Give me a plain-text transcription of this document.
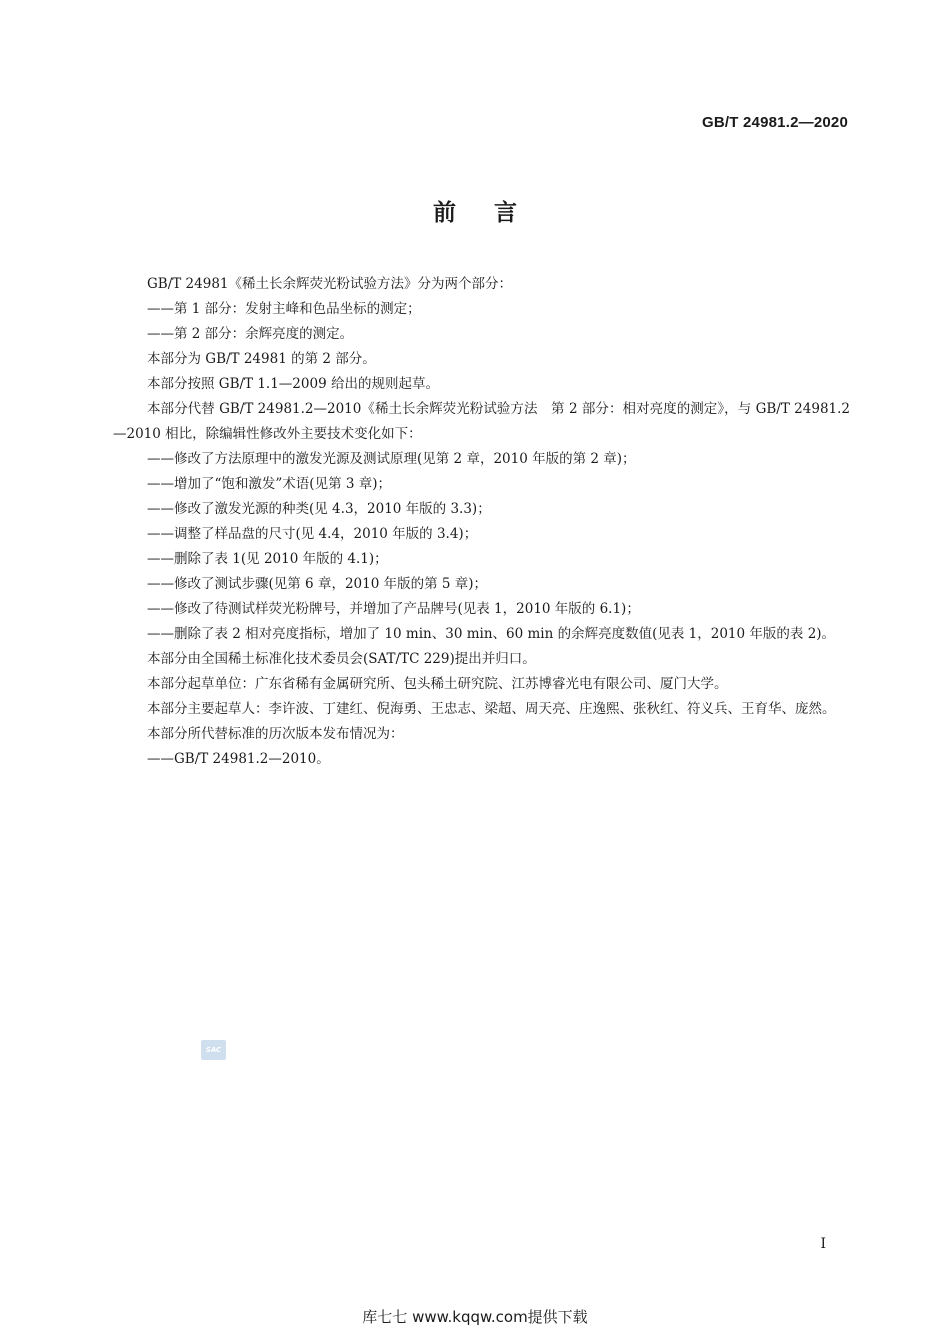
GB/T 24981.2—2020
前言

GB/T 24981《稀土长余辉荧光粉试验方法》分为两个部分：

——第 1 部分：发射主峰和色品坐标的测定；

——第 2 部分：余辉亮度的测定。

本部分为 GB/T 24981 的第 2 部分。

本部分按照 GB/T 1.1—2009 给出的规则起草。

本部分代替 GB/T 24981.2—2010《稀土长余辉荧光粉试验方法　第 2 部分：相对亮度的测定》，与 GB/T 24981.2—2010 相比，除编辑性修改外主要技术变化如下：

——修改了方法原理中的激发光源及测试原理(见第 2 章，2010 年版的第 2 章)；

——增加了“饱和激发”术语(见第 3 章)；

——修改了激发光源的种类(见 4.3，2010 年版的 3.3)；

——调整了样品盘的尺寸(见 4.4，2010 年版的 3.4)；

——删除了表 1(见 2010 年版的 4.1)；

——修改了测试步骤(见第 6 章，2010 年版的第 5 章)；

——修改了待测试样荧光粉牌号，并增加了产品牌号(见表 1，2010 年版的 6.1)；

——删除了表 2 相对亮度指标，增加了 10 min、30 min、60 min 的余辉亮度数值(见表 1，2010 年版的表 2)。

本部分由全国稀土标准化技术委员会(SAT/TC 229)提出并归口。

本部分起草单位：广东省稀有金属研究所、包头稀土研究院、江苏博睿光电有限公司、厦门大学。

本部分主要起草人：李许波、丁建红、倪海勇、王忠志、梁超、周天亮、庄逸熙、张秋红、符义兵、王育华、庞然。

本部分所代替标准的历次版本发布情况为：

——GB/T 24981.2—2010。

SAC
I
库七七 www.kqqw.com提供下载
